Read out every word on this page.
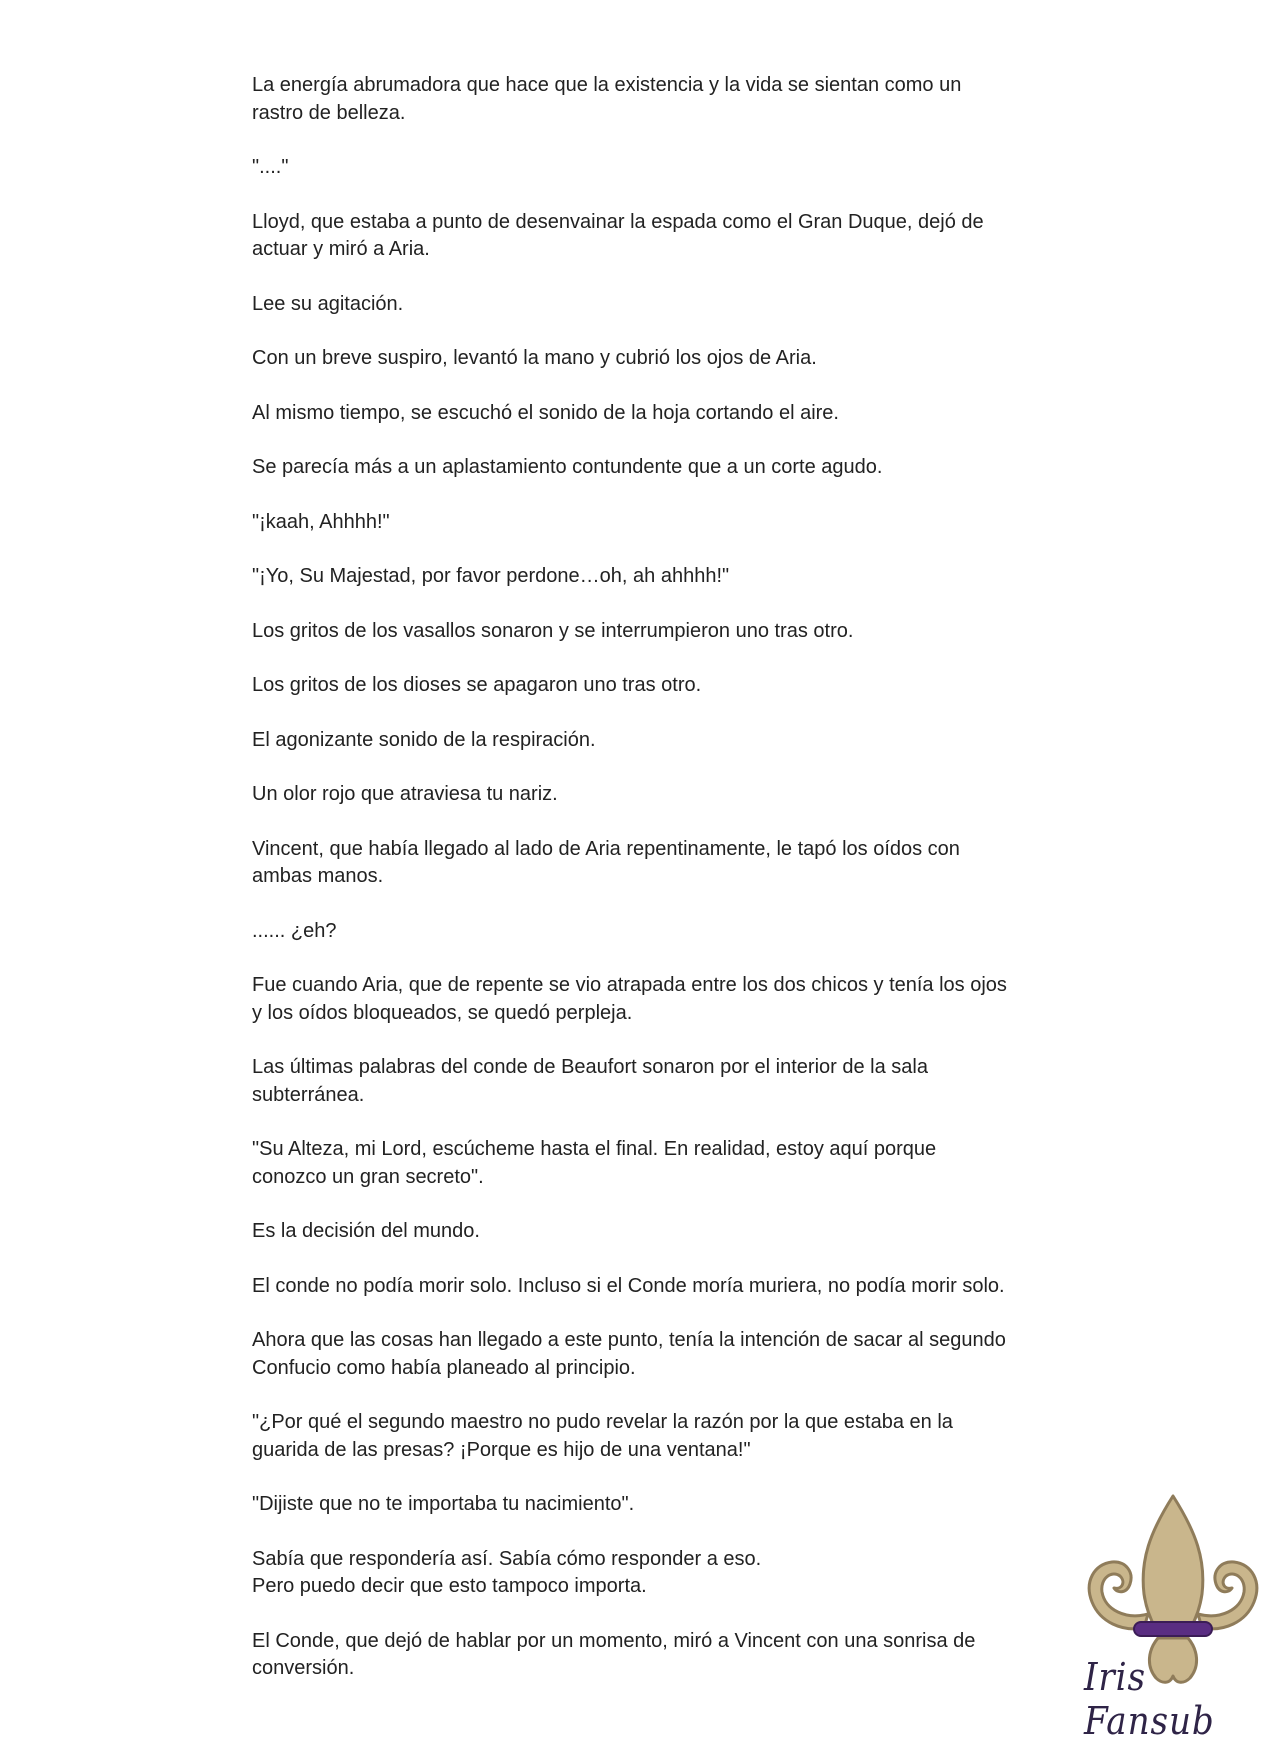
La energía abrumadora que hace que la existencia y la vida se sientan como un
rastro de belleza.

"...."

Lloyd, que estaba a punto de desenvainar la espada como el Gran Duque, dejó de
actuar y miró a Aria.

Lee su agitación.

Con un breve suspiro, levantó la mano y cubrió los ojos de Aria.

Al mismo tiempo, se escuchó el sonido de la hoja cortando el aire.

Se parecía más a un aplastamiento contundente que a un corte agudo.

"¡kaah, Ahhhh!"

"¡Yo, Su Majestad, por favor perdone…oh, ah ahhhh!"

Los gritos de los vasallos sonaron y se interrumpieron uno tras otro.

Los gritos de los dioses se apagaron uno tras otro.

El agonizante sonido de la respiración.

Un olor rojo que atraviesa tu nariz.

Vincent, que había llegado al lado de Aria repentinamente, le tapó los oídos con
ambas manos.

...... ¿eh?

Fue cuando Aria, que de repente se vio atrapada entre los dos chicos y tenía los ojos
y los oídos bloqueados, se quedó perpleja.

Las últimas palabras del conde de Beaufort sonaron por el interior de la sala
subterránea.

"Su Alteza, mi Lord, escúcheme hasta el final. En realidad, estoy aquí porque
conozco un gran secreto".

Es la decisión del mundo.

El conde no podía morir solo. Incluso si el Conde moría muriera, no podía morir solo.

Ahora que las cosas han llegado a este punto, tenía la intención de sacar al segundo
Confucio como había planeado al principio.

"¿Por qué el segundo maestro no pudo revelar la razón por la que estaba en la
guarida de las presas? ¡Porque es hijo de una ventana!"

"Dijiste que no te importaba tu nacimiento".

Sabía que respondería así. Sabía cómo responder a eso.
Pero puedo decir que esto tampoco importa.

El Conde, que dejó de hablar por un momento, miró a Vincent con una sonrisa de
conversión.	Iris Fansub
